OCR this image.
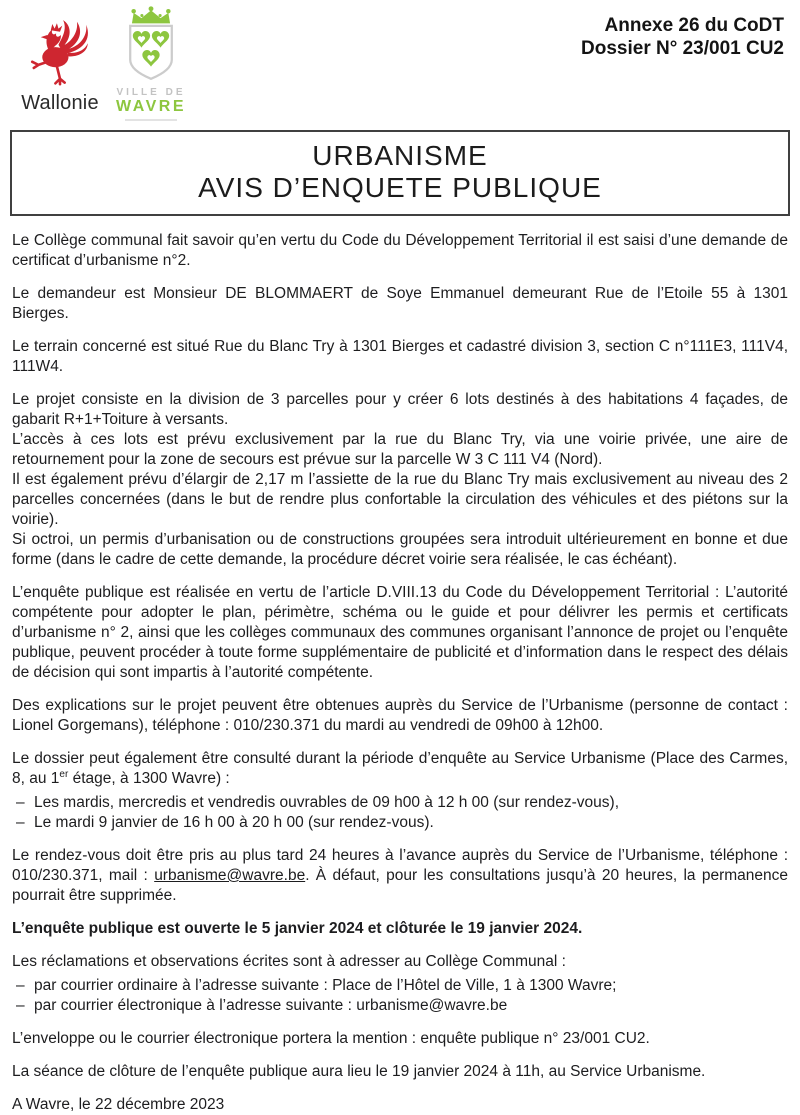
Wallonie VILLE DE
WAVRE
Annexe 26 du CoDT
Dossier N° 23/001 CU2
URBANISME
AVIS D’ENQUETE PUBLIQUE

Le Collège communal fait savoir qu’en vertu du Code du Développement Territorial il est saisi d’une demande de certificat d’urbanisme n°2.

Le demandeur est Monsieur DE BLOMMAERT de Soye Emmanuel demeurant Rue de l’Etoile 55 à 1301 Bierges.

Le terrain concerné est situé Rue du Blanc Try à 1301 Bierges et cadastré division 3, section C n°111E3, 111V4, 111W4.

Le projet consiste en la division de 3 parcelles pour y créer 6 lots destinés à des habitations 4 façades, de gabarit R+1+Toiture à versants.
L’accès à ces lots est prévu exclusivement par la rue du Blanc Try, via une voirie privée, une aire de retournement pour la zone de secours est prévue sur la parcelle W 3 C 111 V4 (Nord).
Il est également prévu d’élargir de 2,17 m l’assiette de la rue du Blanc Try mais exclusivement au niveau des 2 parcelles concernées (dans le but de rendre plus confortable la circulation des véhicules et des piétons sur la voirie).
Si octroi, un permis d’urbanisation ou de constructions groupées sera introduit ultérieurement en bonne et due forme (dans le cadre de cette demande, la procédure décret voirie sera réalisée, le cas échéant).

L’enquête publique est réalisée en vertu de l’article D.VIII.13 du Code du Développement Territorial : L’autorité compétente pour adopter le plan, périmètre, schéma ou le guide et pour délivrer les permis et certificats d’urbanisme n° 2, ainsi que les collèges communaux des communes organisant l’annonce de projet ou l’enquête publique, peuvent procéder à toute forme supplémentaire de publicité et d’information dans le respect des délais de décision qui sont impartis à l’autorité compétente.

Des explications sur le projet peuvent être obtenues auprès du Service de l’Urbanisme (personne de contact : Lionel Gorgemans), téléphone : 010/230.371 du mardi au vendredi de 09h00 à 12h00.

Le dossier peut également être consulté durant la période d’enquête au Service Urbanisme (Place des Carmes, 8, au 1er étage, à 1300 Wavre) :

– Les mardis, mercredis et vendredis ouvrables de 09 h00 à 12 h 00 (sur rendez-vous),
– Le mardi 9 janvier de 16 h 00 à 20 h 00 (sur rendez-vous).

Le rendez-vous doit être pris au plus tard 24 heures à l’avance auprès du Service de l’Urbanisme, téléphone : 010/230.371, mail : urbanisme@wavre.be. À défaut, pour les consultations jusqu’à 20 heures, la permanence pourrait être supprimée.

L’enquête publique est ouverte le 5 janvier 2024 et clôturée le 19 janvier 2024.

Les réclamations et observations écrites sont à adresser au Collège Communal :

– par courrier ordinaire à l’adresse suivante : Place de l’Hôtel de Ville, 1 à 1300 Wavre;
– par courrier électronique à l’adresse suivante : urbanisme@wavre.be

L’enveloppe ou le courrier électronique portera la mention : enquête publique n° 23/001 CU2.

La séance de clôture de l’enquête publique aura lieu le 19 janvier 2024 à 11h, au Service Urbanisme.

A Wavre, le 22 décembre 2023
